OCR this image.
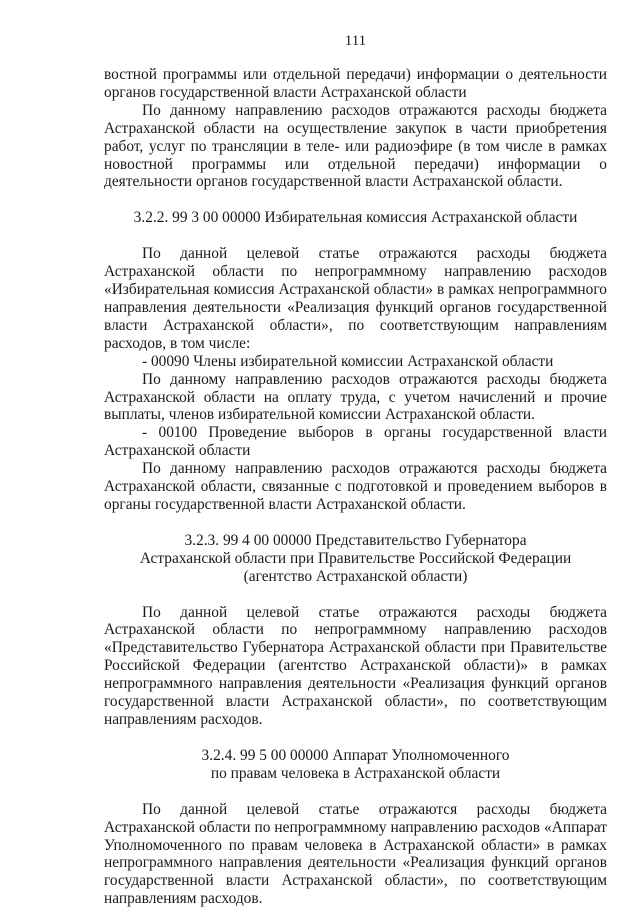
111

востной программы или отдельной передачи) информации о деятельности органов государственной власти Астраханской области

По данному направлению расходов отражаются расходы бюджета Астраханской области на осуществление закупок в части приобретения работ, услуг по трансляции в теле- или радиоэфире (в том числе в рамках новостной программы или отдельной передачи) информации о деятельности органов государственной власти Астраханской области.

3.2.2. 99 3 00 00000 Избирательная комиссия Астраханской области

По данной целевой статье отражаются расходы бюджета Астраханской области по непрограммному направлению расходов «Избирательная комиссия Астраханской области» в рамках непрограммного направления деятельности «Реализация функций органов государственной власти Астраханской области», по соответствующим направлениям расходов, в том числе:

- 00090 Члены избирательной комиссии Астраханской области

По данному направлению расходов отражаются расходы бюджета Астраханской области на оплату труда, с учетом начислений и прочие выплаты, членов избирательной комиссии Астраханской области.

- 00100 Проведение выборов в органы государственной власти Астраханской области

По данному направлению расходов отражаются расходы бюджета Астраханской области, связанные с подготовкой и проведением выборов в органы государственной власти Астраханской области.

3.2.3. 99 4 00 00000 Представительство Губернатора
Астраханской области при Правительстве Российской Федерации
(агентство Астраханской области)

По данной целевой статье отражаются расходы бюджета Астраханской области по непрограммному направлению расходов «Представительство Губернатора Астраханской области при Правительстве Российской Федерации (агентство Астраханской области)» в рамках непрограммного направления деятельности «Реализация функций органов государственной власти Астраханской области», по соответствующим направлениям расходов.

3.2.4. 99 5 00 00000 Аппарат Уполномоченного
по правам человека в Астраханской области

По данной целевой статье отражаются расходы бюджета Астраханской области по непрограммному направлению расходов «Аппарат Уполномоченного по правам человека в Астраханской области» в рамках непрограммного направления деятельности «Реализация функций органов государственной власти Астраханской области», по соответствующим направлениям расходов.
